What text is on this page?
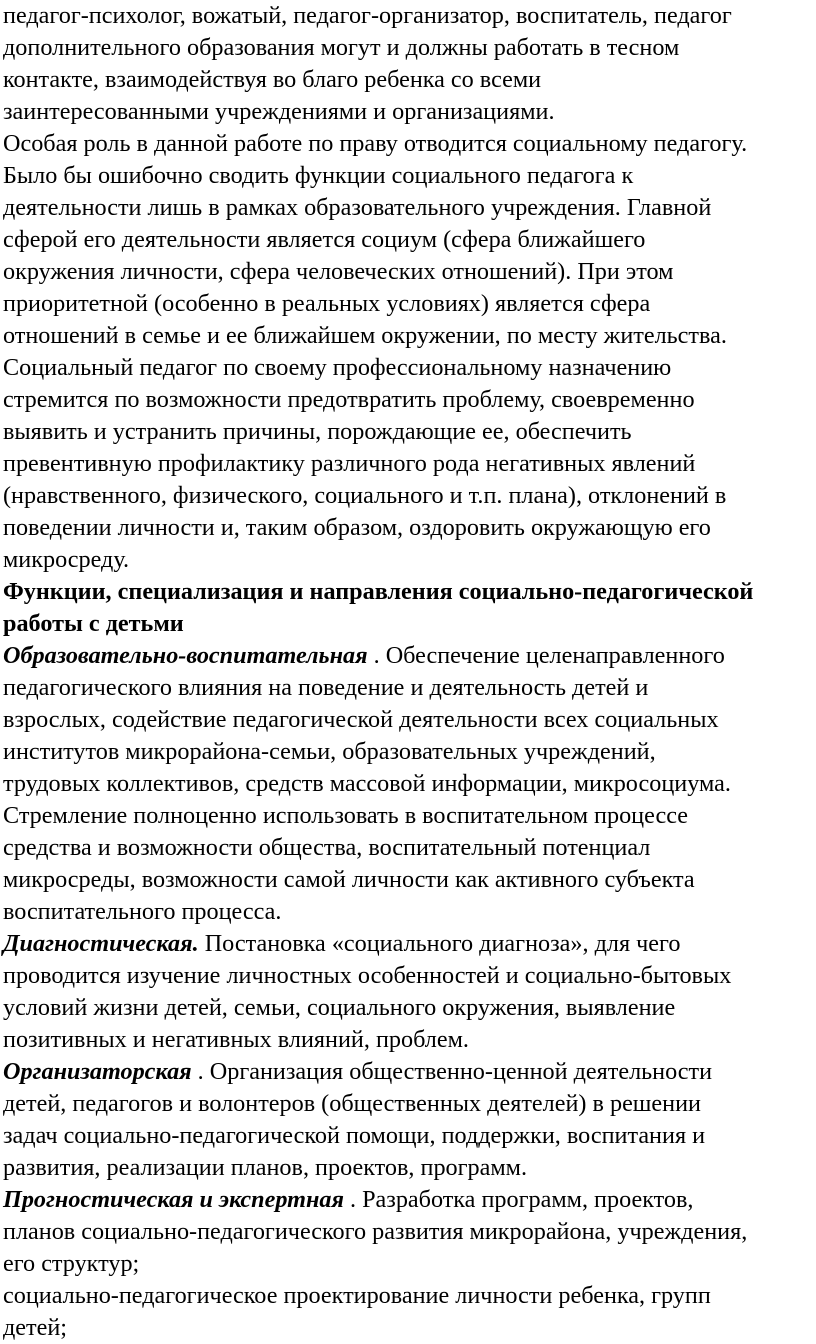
педагог-психолог, вожатый, педагог-организатор, воспитатель, педагог
дополнительного образования могут и должны работать в тесном
контакте, взаимодействуя во благо ребенка со всеми
заинтересованными учреждениями и организациями.

Особая роль в данной работе по праву отводится социальному педагогу.
Было бы ошибочно сводить функции социального педагога к
деятельности лишь в рамках образовательного учреждения. Главной
сферой его деятельности является социум (сфера ближайшего
окружения личности, сфера человеческих отношений). При этом
приоритетной (особенно в реальных условиях) является сфера
отношений в семье и ее ближайшем окружении, по месту жительства.

Социальный педагог по своему профессиональному назначению
стремится по возможности предотвратить проблему, своевременно
выявить и устранить причины, порождающие ее, обеспечить
превентивную профилактику различного рода негативных явлений
(нравственного, физического, социального и т.п. плана), отклонений в
поведении личности и, таким образом, оздоровить окружающую его
микросреду.

Функции, специализация и направления социально-педагогической
работы с детьми

Образовательно-воспитательная . Обеспечение целенаправленного
педагогического влияния на поведение и деятельность детей и
взрослых, содействие педагогической деятельности всех социальных
институтов микрорайона-семьи, образовательных учреждений,
трудовых коллективов, средств массовой информации, микросоциума.
Стремление полноценно использовать в воспитательном процессе
средства и возможности общества, воспитательный потенциал
микросреды, возможности самой личности как активного субъекта
воспитательного процесса.

Диагностическая. Постановка «социального диагноза», для чего
проводится изучение личностных особенностей и социально-бытовых
условий жизни детей, семьи, социального окружения, выявление
позитивных и негативных влияний, проблем.

Организаторская . Организация общественно-ценной деятельности
детей, педагогов и волонтеров (общественных деятелей) в решении
задач социально-педагогической помощи, поддержки, воспитания и
развития, реализации планов, проектов, программ.

Прогностическая и экспертная . Разработка программ, проектов,
планов социально-педагогического развития микрорайона, учреждения,
его структур;

социально-педагогическое проектирование личности ребенка, групп
детей;
